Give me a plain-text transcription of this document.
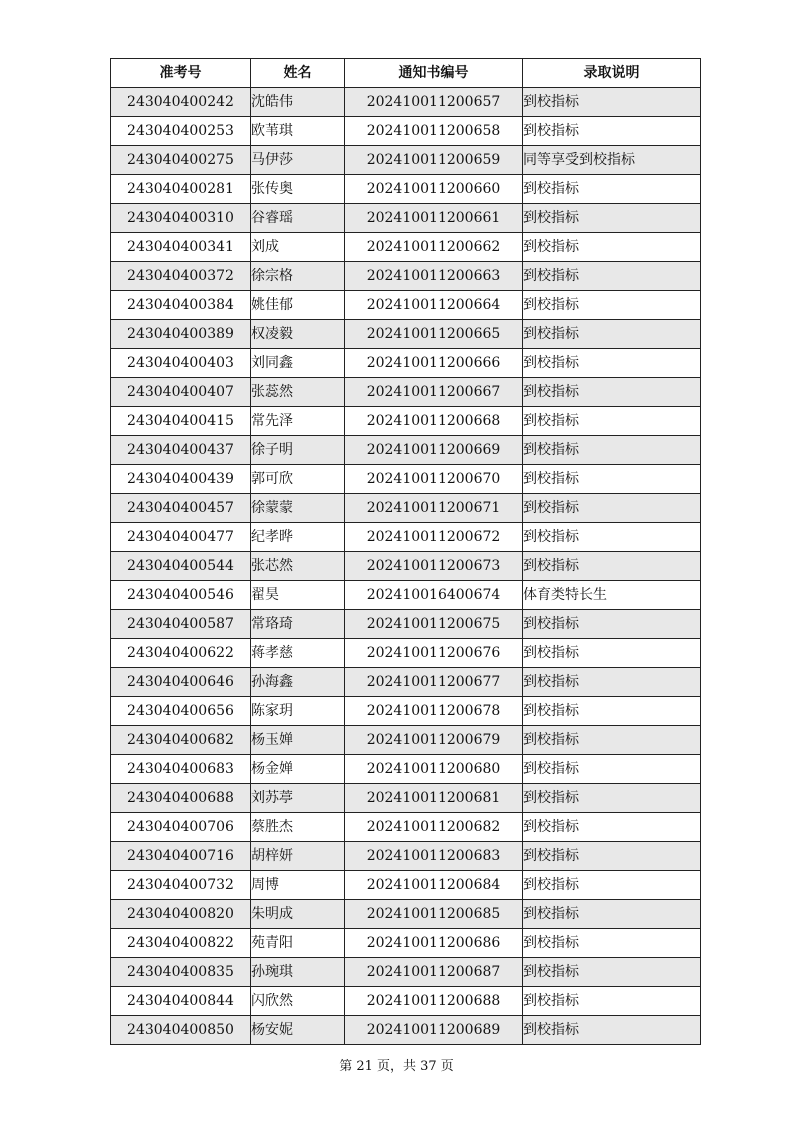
准考号	姓名	通知书编号	录取说明
243040400242	沈皓伟	202410011200657	到校指标
243040400253	欧苇琪	202410011200658	到校指标
243040400275	马伊莎	202410011200659	同等享受到校指标
243040400281	张传奥	202410011200660	到校指标
243040400310	谷睿瑶	202410011200661	到校指标
243040400341	刘成	202410011200662	到校指标
243040400372	徐宗格	202410011200663	到校指标
243040400384	姚佳郁	202410011200664	到校指标
243040400389	权凌毅	202410011200665	到校指标
243040400403	刘同鑫	202410011200666	到校指标
243040400407	张蕊然	202410011200667	到校指标
243040400415	常先泽	202410011200668	到校指标
243040400437	徐子明	202410011200669	到校指标
243040400439	郭可欣	202410011200670	到校指标
243040400457	徐蒙蒙	202410011200671	到校指标
243040400477	纪孝晔	202410011200672	到校指标
243040400544	张芯然	202410011200673	到校指标
243040400546	翟昊	202410016400674	体育类特长生
243040400587	常珞琦	202410011200675	到校指标
243040400622	蒋孝慈	202410011200676	到校指标
243040400646	孙海鑫	202410011200677	到校指标
243040400656	陈家玥	202410011200678	到校指标
243040400682	杨玉婵	202410011200679	到校指标
243040400683	杨金婵	202410011200680	到校指标
243040400688	刘苏葶	202410011200681	到校指标
243040400706	蔡胜杰	202410011200682	到校指标
243040400716	胡梓妍	202410011200683	到校指标
243040400732	周博	202410011200684	到校指标
243040400820	朱明成	202410011200685	到校指标
243040400822	苑青阳	202410011200686	到校指标
243040400835	孙琬琪	202410011200687	到校指标
243040400844	闪欣然	202410011200688	到校指标
243040400850	杨安妮	202410011200689	到校指标
第 21 页，共 37 页
